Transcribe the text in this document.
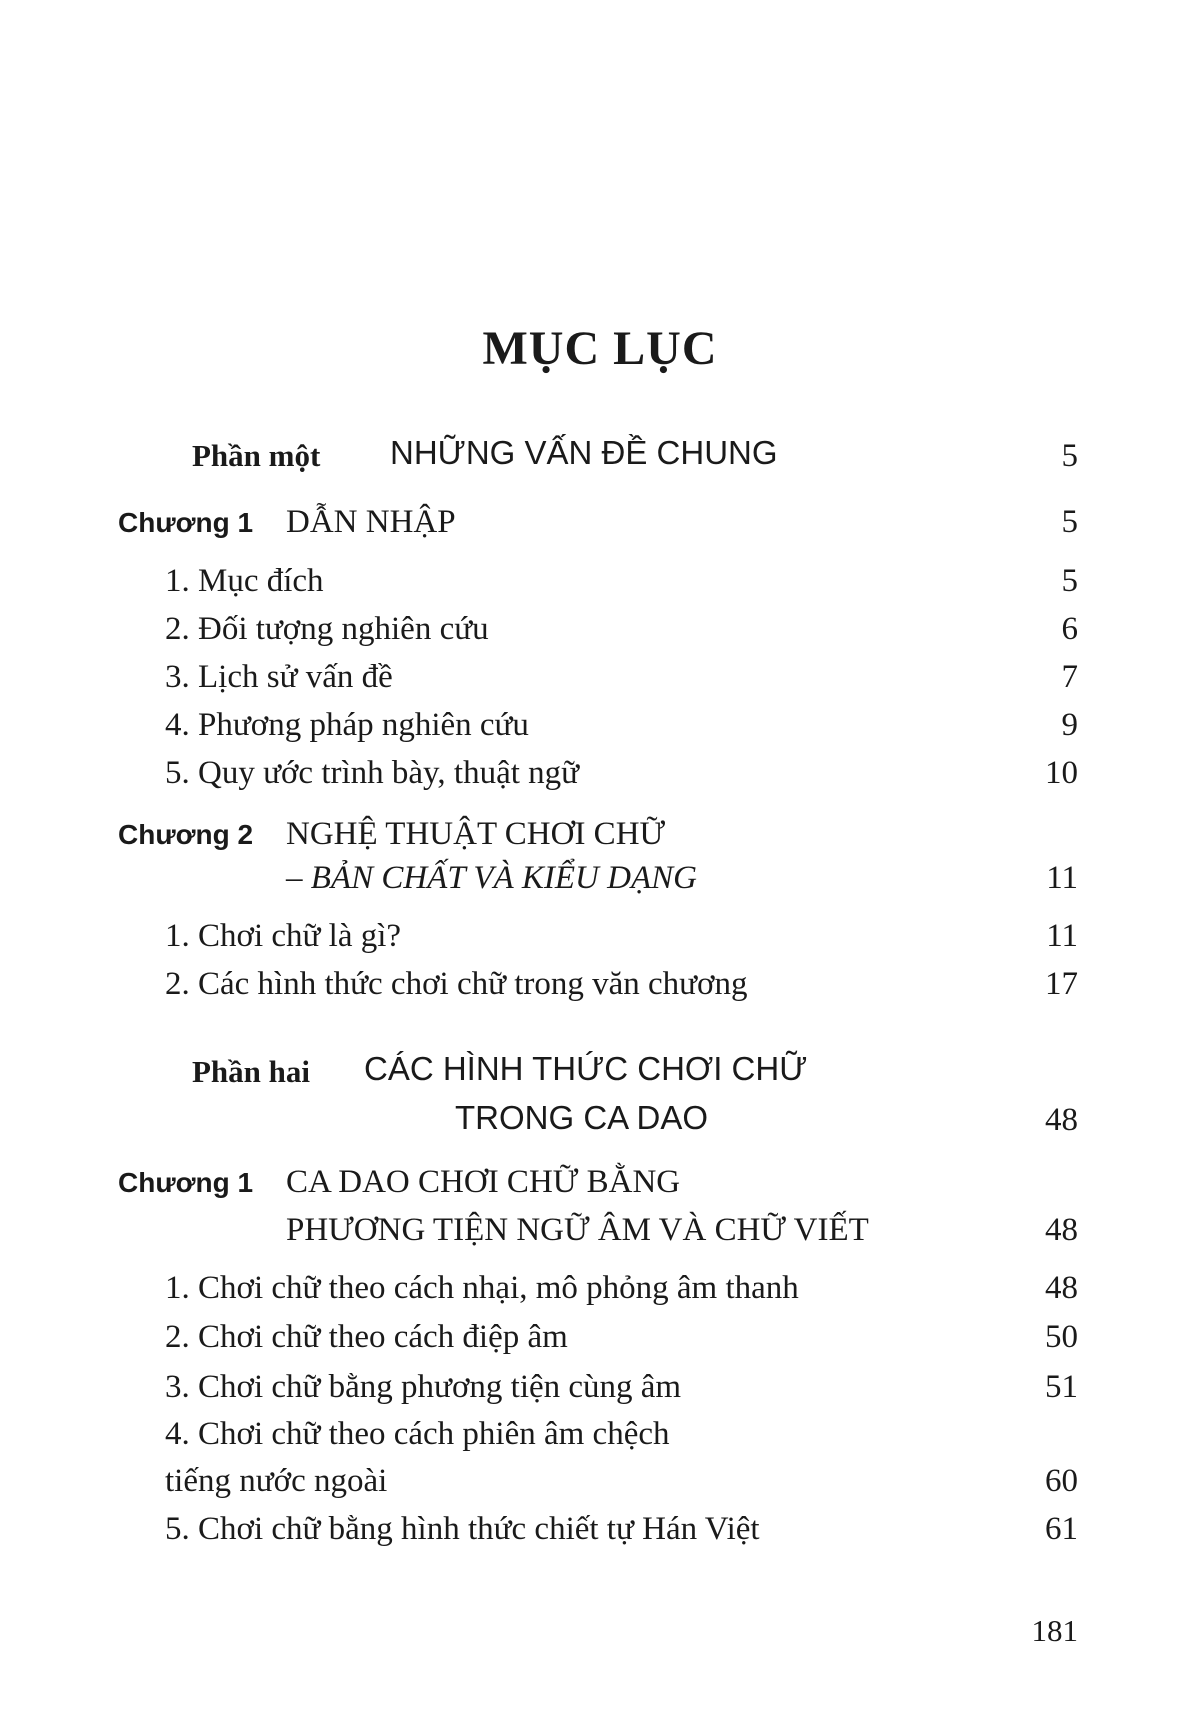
MỤC LỤC
Phần một NHỮNG VẤN ĐỀ CHUNG	5
Chương 1 DẪN NHẬP	5
1. Mục đích	5
2. Đối tượng nghiên cứu	6
3. Lịch sử vấn đề	7
4. Phương pháp nghiên cứu	9
5. Quy ước trình bày, thuật ngữ	10
Chương 2 NGHỆ THUẬT CHƠI CHỮ
– BẢN CHẤT VÀ KIỂU DẠNG	11
1. Chơi chữ là gì?	11
2. Các hình thức chơi chữ trong văn chương	17
Phần hai CÁC HÌNH THỨC CHƠI CHỮ
TRONG CA DAO	48
Chương 1 CA DAO CHƠI CHỮ BẰNG
PHƯƠNG TIỆN NGỮ ÂM VÀ CHỮ VIẾT	48
1. Chơi chữ theo cách nhại, mô phỏng âm thanh	48
2. Chơi chữ theo cách điệp âm	50
3. Chơi chữ bằng phương tiện cùng âm	51
4. Chơi chữ theo cách phiên âm chệch
tiếng nước ngoài	60
5. Chơi chữ bằng hình thức chiết tự Hán Việt	61
181
